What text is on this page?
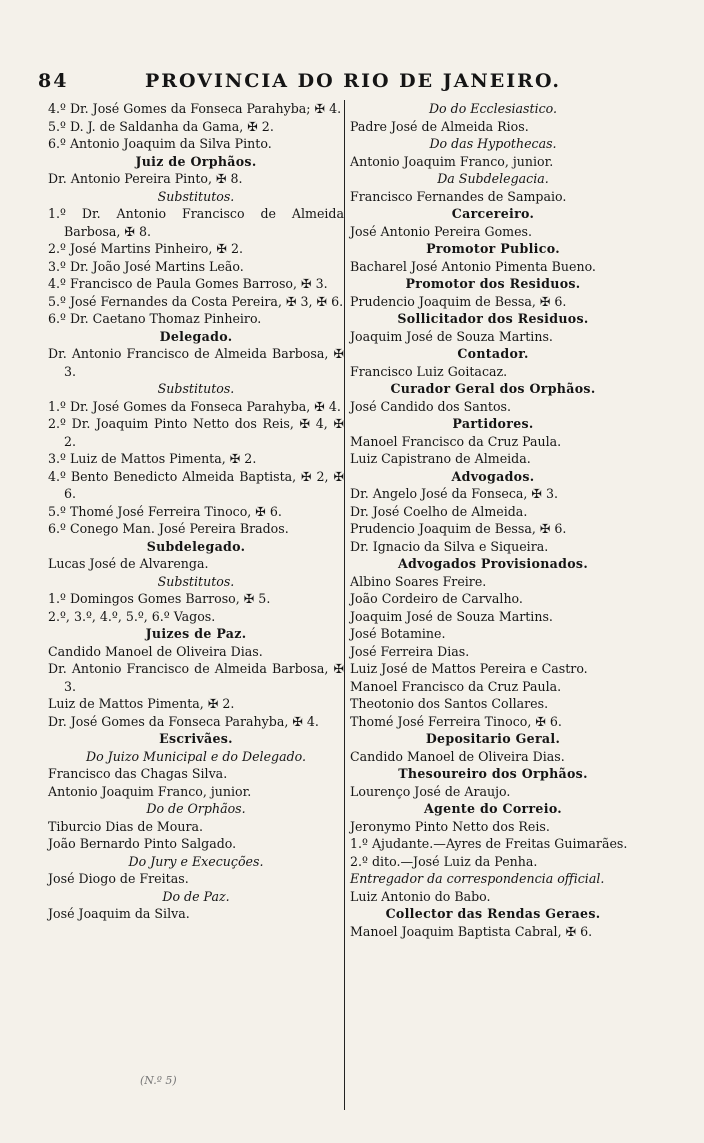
84	PROVINCIA DO RIO DE JANEIRO.

4.º Dr. José Gomes da Fonseca Parahyba; ✠ 4.

5.º D. J. de Saldanha da Gama, ✠ 2.

6.º Antonio Joaquim da Silva Pinto.

Juiz de Orphãos.

Dr. Antonio Pereira Pinto, ✠ 8.

Substitutos.

1.º Dr. Antonio Francisco de Almeida Barbosa, ✠ 8.

2.º José Martins Pinheiro, ✠ 2.

3.º Dr. João José Martins Leão.

4.º Francisco de Paula Gomes Barroso, ✠ 3.

5.º José Fernandes da Costa Pereira, ✠ 3, ✠ 6.

6.º Dr. Caetano Thomaz Pinheiro.

Delegado.

Dr. Antonio Francisco de Almeida Barbosa, ✠ 3.

Substitutos.

1.º Dr. José Gomes da Fonseca Parahyba, ✠ 4.

2.º Dr. Joaquim Pinto Netto dos Reis, ✠ 4, ✠ 2.

3.º Luiz de Mattos Pimenta, ✠ 2.

4.º Bento Benedicto Almeida Baptista, ✠ 2, ✠ 6.

5.º Thomé José Ferreira Tinoco, ✠ 6.

6.º Conego Man. José Pereira Brados.

Subdelegado.

Lucas José de Alvarenga.

Substitutos.

1.º Domingos Gomes Barroso, ✠ 5.

2.º, 3.º, 4.º, 5.º, 6.º Vagos.

Juizes de Paz.

Candido Manoel de Oliveira Dias.

Dr. Antonio Francisco de Almeida Barbosa, ✠ 3.

Luiz de Mattos Pimenta, ✠ 2.

Dr. José Gomes da Fonseca Parahyba, ✠ 4.

Escrivães.

Do Juizo Municipal e do Delegado.

Francisco das Chagas Silva.

Antonio Joaquim Franco, junior.

Do de Orphãos.

Tiburcio Dias de Moura.

João Bernardo Pinto Salgado.

Do Jury e Execuções.

José Diogo de Freitas.

Do de Paz.

José Joaquim da Silva.

Do do Ecclesiastico.

Padre José de Almeida Rios.

Do das Hypothecas.

Antonio Joaquim Franco, junior.

Da Subdelegacia.

Francisco Fernandes de Sampaio.

Carcereiro.

José Antonio Pereira Gomes.

Promotor Publico.

Bacharel José Antonio Pimenta Bueno.

Promotor dos Residuos.

Prudencio Joaquim de Bessa, ✠ 6.

Sollicitador dos Residuos.

Joaquim José de Souza Martins.

Contador.

Francisco Luiz Goitacaz.

Curador Geral dos Orphãos.

José Candido dos Santos.

Partidores.

Manoel Francisco da Cruz Paula.

Luiz Capistrano de Almeida.

Advogados.

Dr. Angelo José da Fonseca, ✠ 3.

Dr. José Coelho de Almeida.

Prudencio Joaquim de Bessa, ✠ 6.

Dr. Ignacio da Silva e Siqueira.

Advogados Provisionados.

Albino Soares Freire.

João Cordeiro de Carvalho.

Joaquim José de Souza Martins.

José Botamine.

José Ferreira Dias.

Luiz José de Mattos Pereira e Castro.

Manoel Francisco da Cruz Paula.

Theotonio dos Santos Collares.

Thomé José Ferreira Tinoco, ✠ 6.

Depositario Geral.

Candido Manoel de Oliveira Dias.

Thesoureiro dos Orphãos.

Lourenço José de Araujo.

Agente do Correio.

Jeronymo Pinto Netto dos Reis.

1.º Ajudante.—Ayres de Freitas Guimarães.

2.º dito.—José Luiz da Penha.

Entregador da correspondencia official.

Luiz Antonio do Babo.

Collector das Rendas Geraes.

Manoel Joaquim Baptista Cabral, ✠ 6.

(N.º 5)
